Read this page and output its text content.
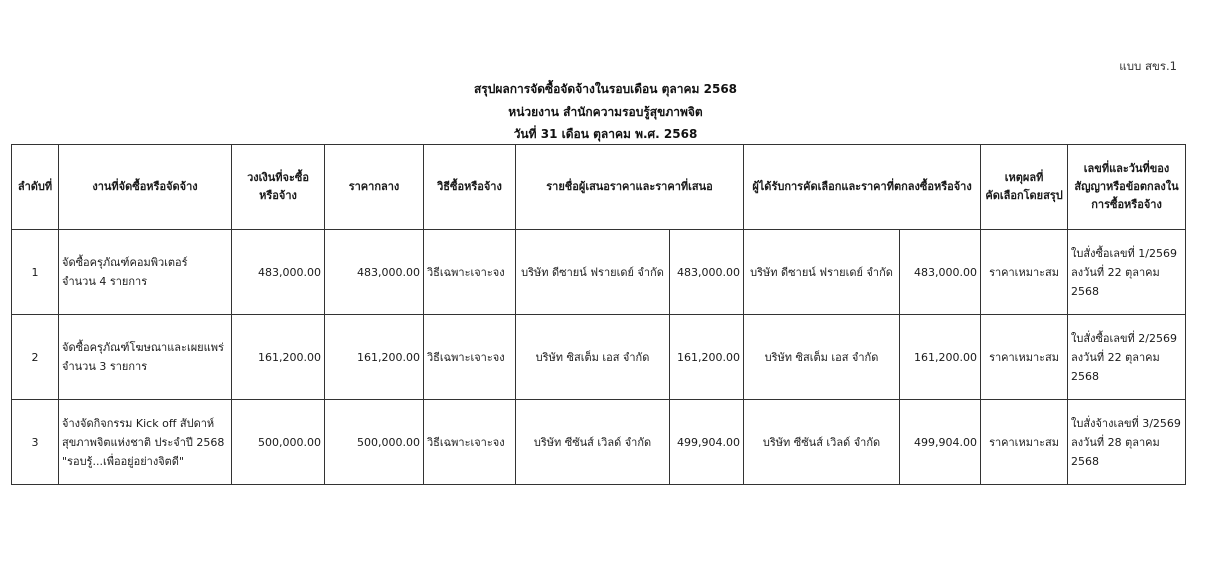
แบบ สขร.1
สรุปผลการจัดซื้อจัดจ้างในรอบเดือน ตุลาคม 2568
หน่วยงาน สำนักความรอบรู้สุขภาพจิต
วันที่ 31 เดือน ตุลาคม พ.ศ. 2568
ลำดับที่	งานที่จัดซื้อหรือจัดจ้าง	วงเงินที่จะซื้อ
หรือจ้าง	ราคากลาง	วิธีซื้อหรือจ้าง	รายชื่อผู้เสนอราคาและราคาที่เสนอ		ผู้ได้รับการคัดเลือกและราคาที่ตกลงซื้อหรือจ้าง		เหตุผลที่
คัดเลือกโดยสรุป	เลขที่และวันที่ของ
สัญญาหรือข้อตกลงใน
การซื้อหรือจ้าง

1	จัดซื้อครุภัณฑ์คอมพิวเตอร์
จำนวน 4 รายการ	483,000.00	483,000.00	วิธีเฉพาะเจาะจง	บริษัท ดีซายน์ ฟรายเดย์ จำกัด	483,000.00	บริษัท ดีซายน์ ฟรายเดย์ จำกัด	483,000.00	ราคาเหมาะสม	ใบสั่งซื้อเลขที่ 1/2569
ลงวันที่ 22 ตุลาคม 2568

2	จัดซื้อครุภัณฑ์โฆษณาและเผยแพร่
จำนวน 3 รายการ	161,200.00	161,200.00	วิธีเฉพาะเจาะจง	บริษัท ซิสเต็ม เอส จำกัด	161,200.00	บริษัท ซิสเต็ม เอส จำกัด	161,200.00	ราคาเหมาะสม	ใบสั่งซื้อเลขที่ 2/2569
ลงวันที่ 22 ตุลาคม 2568

3	จ้างจัดกิจกรรม Kick off สัปดาห์
สุขภาพจิตแห่งชาติ ประจำปี 2568
"รอบรู้...เพื่ออยู่อย่างจิตดี"	500,000.00	500,000.00	วิธีเฉพาะเจาะจง	บริษัท ซีซันส์ เวิลด์ จำกัด	499,904.00	บริษัท ซีซันส์ เวิลด์ จำกัด	499,904.00	ราคาเหมาะสม	ใบสั่งจ้างเลขที่ 3/2569
ลงวันที่ 28 ตุลาคม 2568
